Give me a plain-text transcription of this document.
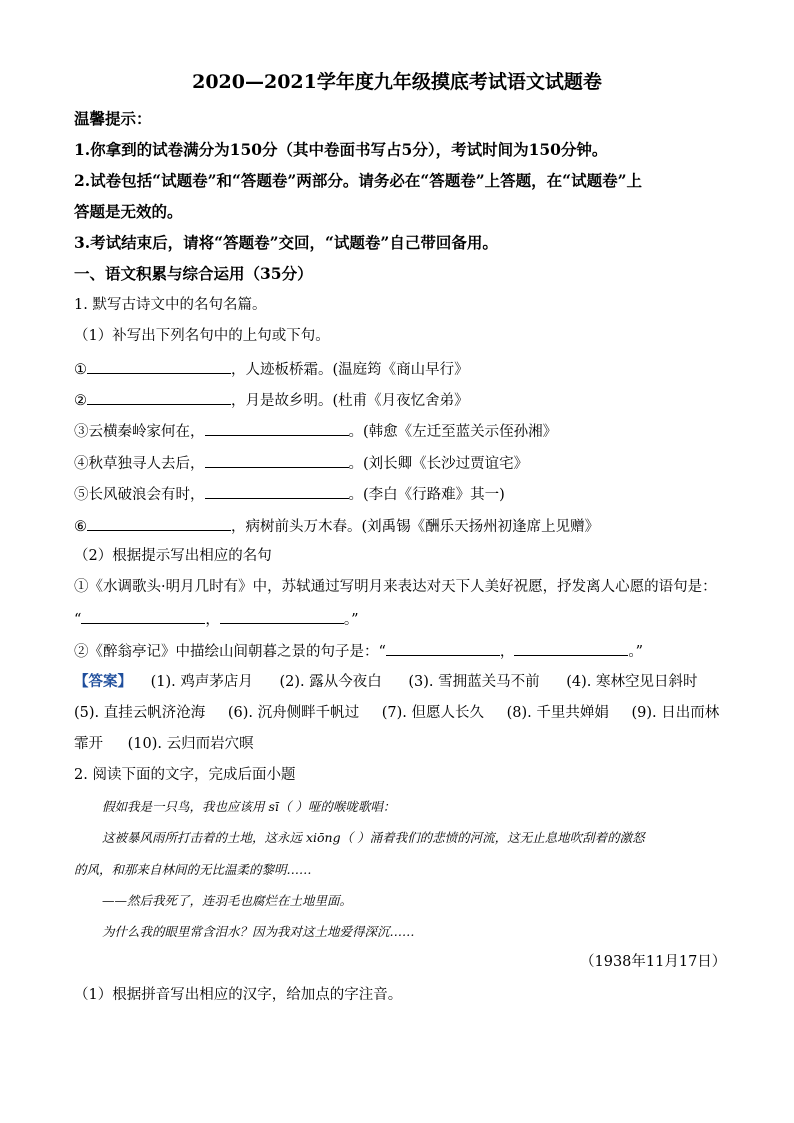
2020—2021学年度九年级摸底考试语文试题卷
温馨提示：
1.你拿到的试卷满分为150分（其中卷面书写占5分），考试时间为150分钟。
2.试卷包括“试题卷”和“答题卷”两部分。请务必在“答题卷”上答题，在“试题卷”上
答题是无效的。
3.考试结束后，请将“答题卷”交回，“试题卷”自己带回备用。
一、语文积累与综合运用（35分）
1. 默写古诗文中的名句名篇。
（1）补写出下列名句中的上句或下句。
①	，人迹板桥霜。(温庭筠《商山早行》
②	，月是故乡明。(杜甫《月夜忆舍弟》
③云横秦岭家何在，	。(韩愈《左迁至蓝关示侄孙湘》
④秋草独寻人去后，	。(刘长卿《长沙过贾谊宅》
⑤长风破浪会有时，	。(李白《行路难》其一)
⑥	，病树前头万木春。(刘禹锡《酬乐天扬州初逢席上见赠》
（2）根据提示写出相应的名句
①《水调歌头·明月几时有》中，苏轼通过写明月来表达对天下人美好祝愿，抒发离人心愿的语句是：
“	，	。”
②《醉翁亭记》中描绘山间朝暮之景的句子是：“	，	。”
【答案】 (1). 鸡声茅店月 (2). 露从今夜白 (3). 雪拥蓝关马不前 (4). 寒林空见日斜时
(5). 直挂云帆济沧海 (6). 沉舟侧畔千帆过 (7). 但愿人长久 (8). 千里共婵娟 (9). 日出而林
霏开 (10). 云归而岩穴暝
2. 阅读下面的文字，完成后面小题
假如我是一只鸟，我也应该用 sī（ ）哑的喉咙歌唱：
这被暴风雨所打击着的土地，这永远 xiōng（ ）涌着我们的悲愤的河流，这无止息地吹刮着的激怒
的风，和那来自林间的无比温柔的黎明……
——然后我死了，连羽毛也腐烂在土地里面。
为什么我的眼里常含泪水？因为我对这土地爱得深沉……
（1938年11月17日）
（1）根据拼音写出相应的汉字，给加点的字注音。
